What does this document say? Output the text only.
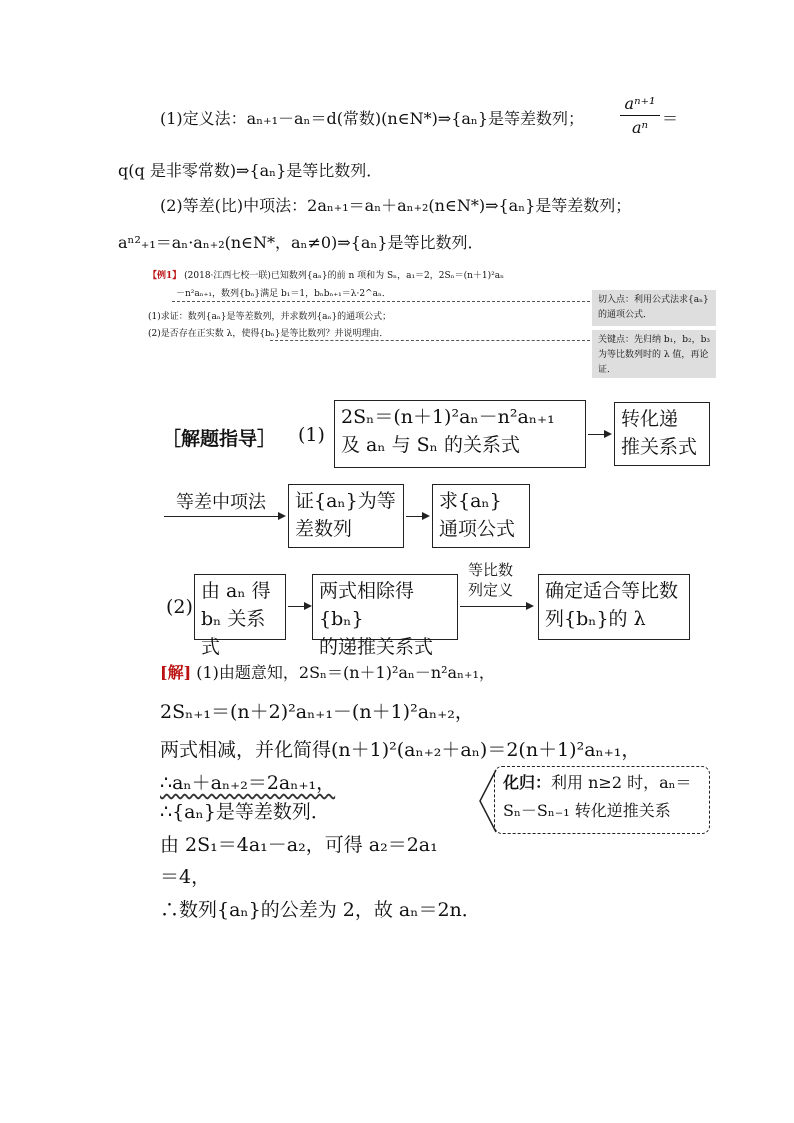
(1)定义法：aₙ₊₁－aₙ＝d(常数)(n∈N*)⇒{aₙ}是等差数列；
aⁿ⁺¹
aⁿ ＝
q(q 是非零常数)⇒{aₙ}是等比数列．
(2)等差(比)中项法：2aₙ₊₁＝aₙ＋aₙ₊₂(n∈N*)⇒{aₙ}是等差数列；
aⁿ²₊₁＝aₙ·aₙ₊₂(n∈N*，aₙ≠0)⇒{aₙ}是等比数列．
【例1】 (2018·江西七校一联)已知数列{aₙ}的前 n 项和为 Sₙ，a₁＝2，2Sₙ＝(n＋1)²aₙ
－n²aₙ₊₁，数列{bₙ}满足 b₁＝1，bₙbₙ₊₁＝λ·2^aₙ．
(1)求证：数列{aₙ}是等差数列，并求数列{aₙ}的通项公式；
(2)是否存在正实数 λ，使得{bₙ}是等比数列？并说明理由．
切入点：利用公式法求{aₙ}的通项公式．
关键点：先归纳 b₁，b₂，b₃ 为等比数列时的 λ 值，再论证．
［解题指导］ (1)
2Sₙ＝(n＋1)²aₙ－n²aₙ₊₁
及 aₙ 与 Sₙ 的关系式
转化递
推关系式
等差中项法 证{aₙ}为等
差数列
求{aₙ}
通项公式
(2)
由 aₙ 得
bₙ 关系式
两式相除得{bₙ}
的递推关系式
等比数
列定义 确定适合等比数
列{bₙ}的 λ
[解] (1)由题意知，2Sₙ＝(n＋1)²aₙ－n²aₙ₊₁，
2Sₙ₊₁＝(n＋2)²aₙ₊₁－(n＋1)²aₙ₊₂，
两式相减，并化简得(n＋1)²(aₙ₊₂＋aₙ)＝2(n＋1)²aₙ₊₁，
∴aₙ＋aₙ₊₂＝2aₙ₊₁，
∴{aₙ}是等差数列．
由 2S₁＝4a₁－a₂，可得 a₂＝2a₁
＝4，
∴数列{aₙ}的公差为 2，故 aₙ＝2n．
化归：利用 n≥2 时，aₙ＝
Sₙ－Sₙ₋₁ 转化逆推关系
